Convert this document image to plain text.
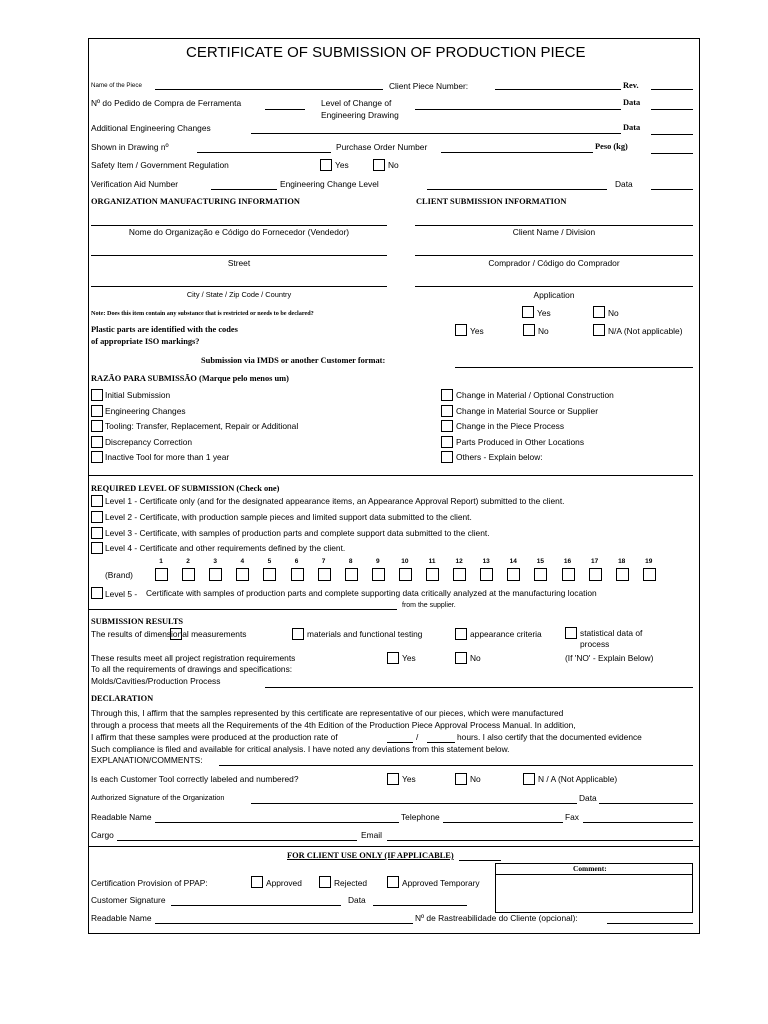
CERTIFICATE OF SUBMISSION OF PRODUCTION PIECE
Name of the Piece	Client Piece Number:	Rev.
Nº do Pedido de Compra de Ferramenta	Level of Change of
Engineering Drawing
Data
Additional Engineering Changes	Data
Shown in Drawing nº	Purchase Order Number	Peso (kg)
Safety Item / Government Regulation	Yes	No
Verification Aid Number	Engineering Change Level	Data
ORGANIZATION MANUFACTURING INFORMATION	CLIENT SUBMISSION INFORMATION
Nome do Organização e Código do Fornecedor (Vendedor)	Client Name / Division
Street	Comprador / Código do Comprador
City / State / Zip Code / Country	Application
Note: Does this item contain any substance that is restricted or needs to be declared?	Yes	No
Plastic parts are identified with the codes
of appropriate ISO markings?
Yes	No	N/A (Not applicable)
Submission via IMDS or another Customer format:
RAZÃO PARA SUBMISSÃO (Marque pelo menos um)
Initial Submission
Engineering Changes
Tooling: Transfer, Replacement, Repair or Additional
Discrepancy Correction
Inactive Tool for more than 1 year
Change in Material / Optional Construction
Change in Material Source or Supplier
Change in the Piece Process
Parts Produced in Other Locations
Others - Explain below:
REQUIRED LEVEL OF SUBMISSION (Check one)
Level 1 - Certificate only (and for the designated appearance items, an Appearance Approval Report) submitted to the client.
Level 2 - Certificate, with production sample pieces and limited support data submitted to the client.
Level 3 - Certificate, with samples of production parts and complete support data submitted to the client.
Level 4 - Certificate and other requirements defined by the client.
(Brand)
Level 5 - Certificate with samples of production parts and complete supporting data critically analyzed at the manufacturing location
from the supplier.
SUBMISSION RESULTS
The results of dimensional measurements	materials and functional testing	appearance criteria	statistical data of
process
These results meet all project registration requirements
To all the requirements of drawings and specifications:
Yes	No	(If 'NO' - Explain Below)
Molds/Cavities/Production Process
DECLARATION
Through this, I affirm that the samples represented by this certificate are representative of our pieces, which were manufactured
through a process that meets all the Requirements of the 4th Edition of the Production Piece Approval Process Manual. In addition,
I affirm that these samples were produced at the production rate of	/	hours. I also certify that the documented evidence
Such compliance is filed and available for critical analysis. I have noted any deviations from this statement below.
EXPLANATION/COMMENTS:
Is each Customer Tool correctly labeled and numbered?	Yes	No	N / A (Not Applicable)
Authorized Signature of the Organization	Data
Readable Name	Telephone	Fax
Cargo	Email
FOR CLIENT USE ONLY (IF APPLICABLE)
Comment:
Certification Provision of PPAP:	Approved	Rejected	Approved Temporary
Customer Signature	Data
Readable Name	Nº de Rastreabilidade do Cliente (opcional):
1	2	3	4	5	6	7	8	9	10	11	12	13	14	15	16	17	18	19
